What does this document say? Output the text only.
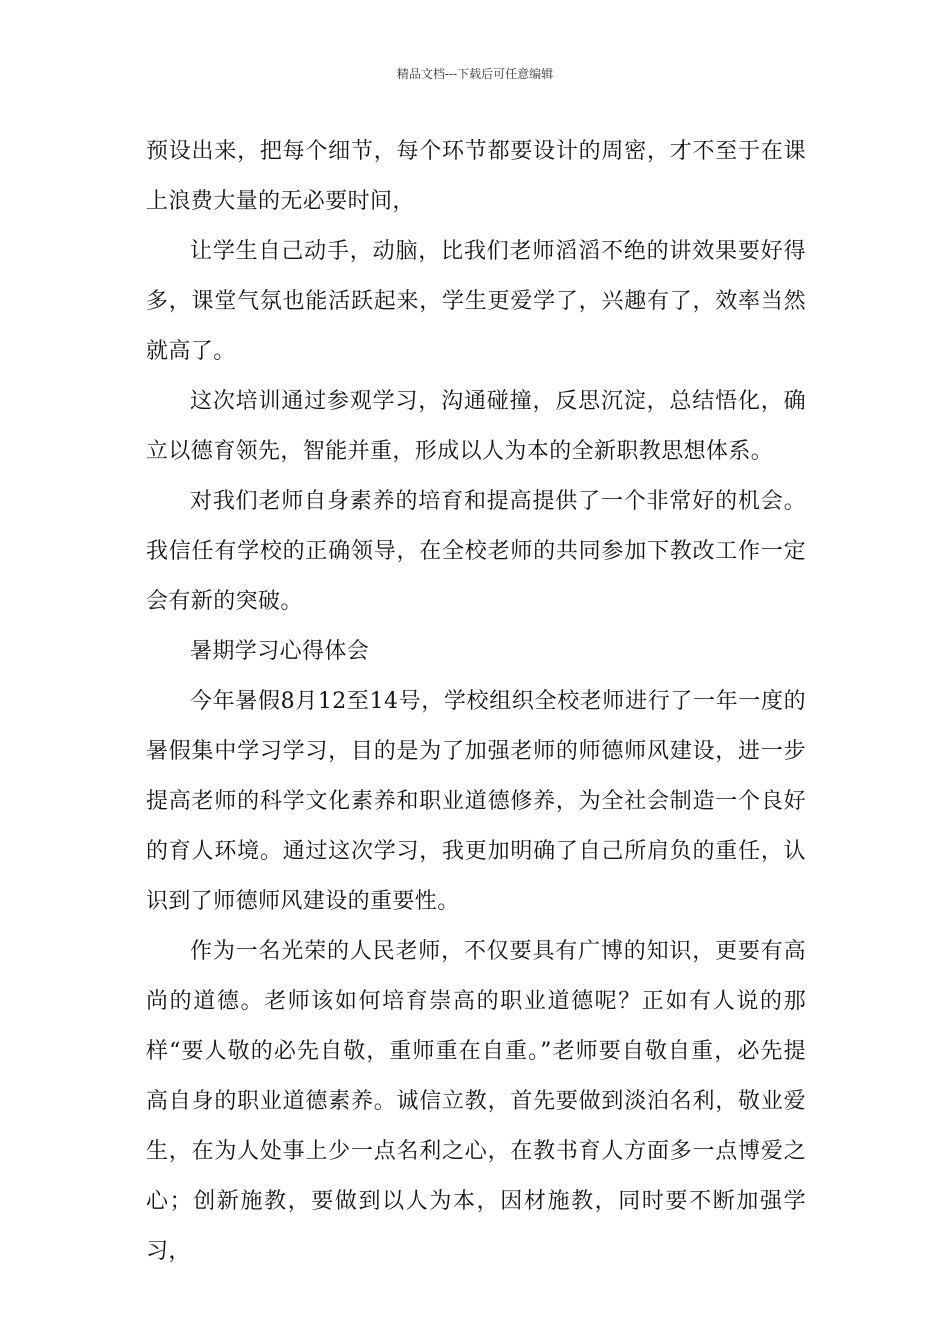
精品文档---下载后可任意编辑

预设出来，把每个细节，每个环节都要设计的周密，才不至于在课上浪费大量的无必要时间，

让学生自己动手，动脑，比我们老师滔滔不绝的讲效果要好得多，课堂气氛也能活跃起来，学生更爱学了，兴趣有了，效率当然就高了。

这次培训通过参观学习，沟通碰撞，反思沉淀，总结悟化，确立以德育领先，智能并重，形成以人为本的全新职教思想体系。

对我们老师自身素养的培育和提高提供了一个非常好的机会。我信任有学校的正确领导，在全校老师的共同参加下教改工作一定会有新的突破。

暑期学习心得体会

今年暑假8月12至14号，学校组织全校老师进行了一年一度的暑假集中学习学习，目的是为了加强老师的师德师风建设，进一步提高老师的科学文化素养和职业道德修养，为全社会制造一个良好的育人环境。通过这次学习，我更加明确了自己所肩负的重任，认识到了师德师风建设的重要性。

作为一名光荣的人民老师，不仅要具有广博的知识，更要有高尚的道德。老师该如何培育崇高的职业道德呢？正如有人说的那样“要人敬的必先自敬，重师重在自重。”老师要自敬自重，必先提高自身的职业道德素养。诚信立教，首先要做到淡泊名利，敬业爱生，在为人处事上少一点名利之心，在教书育人方面多一点博爱之心；创新施教，要做到以人为本，因材施教，同时要不断加强学习，
